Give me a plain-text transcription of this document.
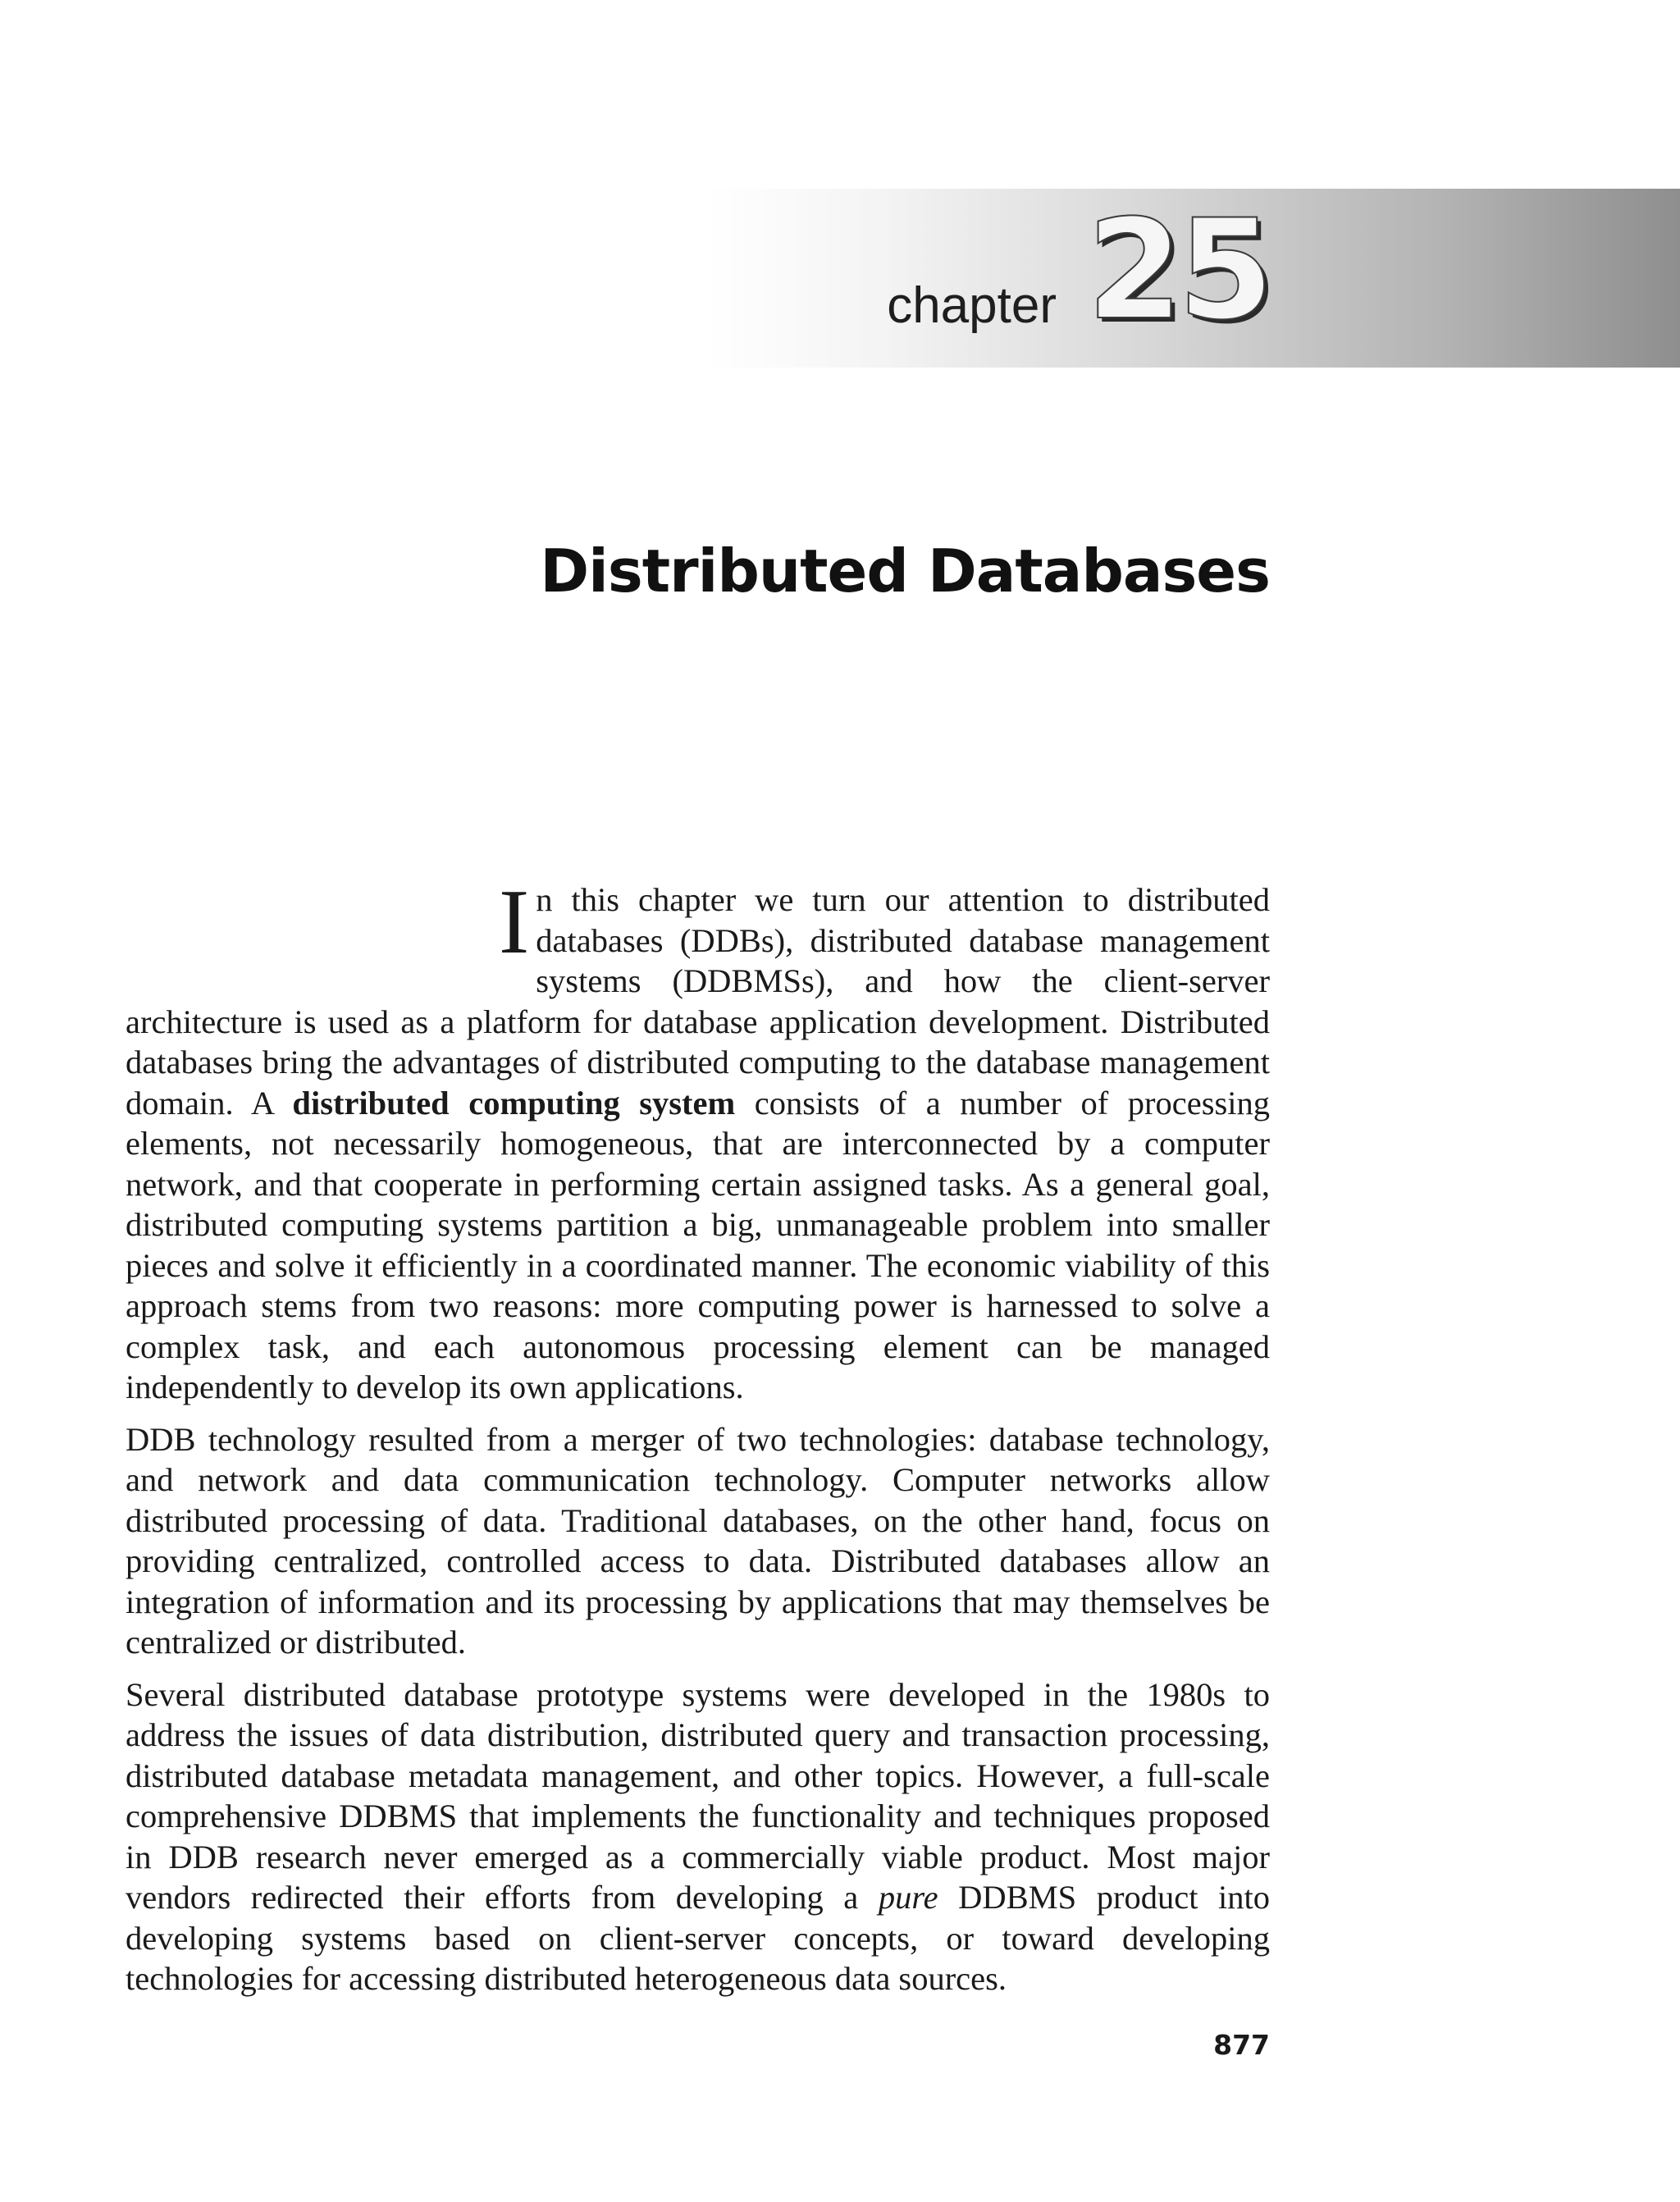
chapter 25
Distributed Databases

In this chapter we turn our attention to distributed databases (DDBs), distributed database management systems (DDBMSs), and how the client-server architecture is used as a platform for database application development. Distributed databases bring the advantages of distributed computing to the database management domain. A distributed computing system consists of a number of processing elements, not necessarily homogeneous, that are interconnected by a computer network, and that cooperate in performing certain assigned tasks. As a general goal, distributed computing systems partition a big, unmanageable problem into smaller pieces and solve it efficiently in a coordinated manner. The economic viability of this approach stems from two reasons: more computing power is harnessed to solve a complex task, and each autonomous processing element can be managed independently to develop its own applications.

DDB technology resulted from a merger of two technologies: database technology, and network and data communication technology. Computer networks allow distributed processing of data. Traditional databases, on the other hand, focus on providing centralized, controlled access to data. Distributed databases allow an integration of information and its processing by applications that may themselves be centralized or distributed.

Several distributed database prototype systems were developed in the 1980s to address the issues of data distribution, distributed query and transaction processing, distributed database metadata management, and other topics. However, a full-scale comprehensive DDBMS that implements the functionality and techniques proposed in DDB research never emerged as a commercially viable product. Most major vendors redirected their efforts from developing a pure DDBMS product into developing systems based on client-server concepts, or toward developing technologies for accessing distributed heterogeneous data sources.

877
